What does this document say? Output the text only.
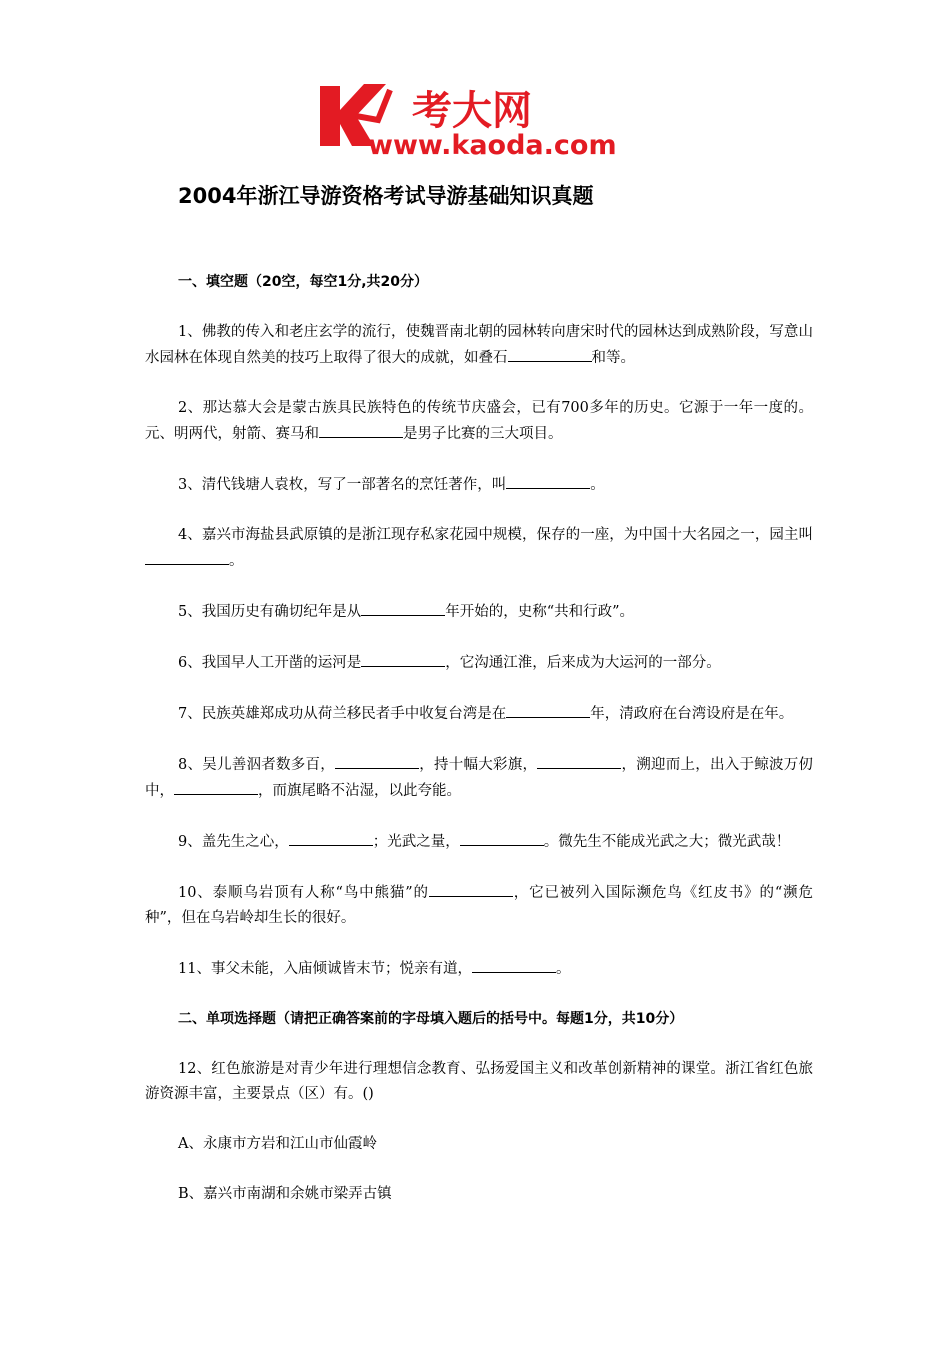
考大网
www.kaoda.com
2004年浙江导游资格考试导游基础知识真题

一、填空题（20空，每空1分,共20分）

1、佛教的传入和老庄玄学的流行，使魏晋南北朝的园林转向唐宋时代的园林达到成熟阶段，写意山水园林在体现自然美的技巧上取得了很大的成就，如叠石	和等。

2、那达慕大会是蒙古族具民族特色的传统节庆盛会，已有700多年的历史。它源于一年一度的。元、明两代，射箭、赛马和	是男子比赛的三大项目。

3、清代钱塘人袁枚，写了一部著名的烹饪著作，叫	。

4、嘉兴市海盐县武原镇的是浙江现存私家花园中规模，保存的一座，为中国十大名园之一，园主叫。

5、我国历史有确切纪年是从	年开始的，史称“共和行政”。

6、我国早人工开凿的运河是	，它沟通江淮，后来成为大运河的一部分。

7、民族英雄郑成功从荷兰移民者手中收复台湾是在	年，清政府在台湾设府是在年。

8、吴儿善泅者数多百，	，持十幅大彩旗，	，溯迎而上，出入于鲸波万仞中，	，而旗尾略不沾湿，以此夸能。

9、盖先生之心，	；光武之量，	。微先生不能成光武之大；微光武哉！

10、泰顺乌岩顶有人称“鸟中熊猫”的	，它已被列入国际濒危鸟《红皮书》的“濒危种”，但在乌岩岭却生长的很好。

11、事父未能，入庙倾诚皆末节；悦亲有道，	。

二、单项选择题（请把正确答案前的字母填入题后的括号中。每题1分，共10分）

12、红色旅游是对青少年进行理想信念教育、弘扬爱国主义和改革创新精神的课堂。浙江省红色旅游资源丰富，主要景点（区）有。()

A、永康市方岩和江山市仙霞岭

B、嘉兴市南湖和余姚市梁弄古镇
